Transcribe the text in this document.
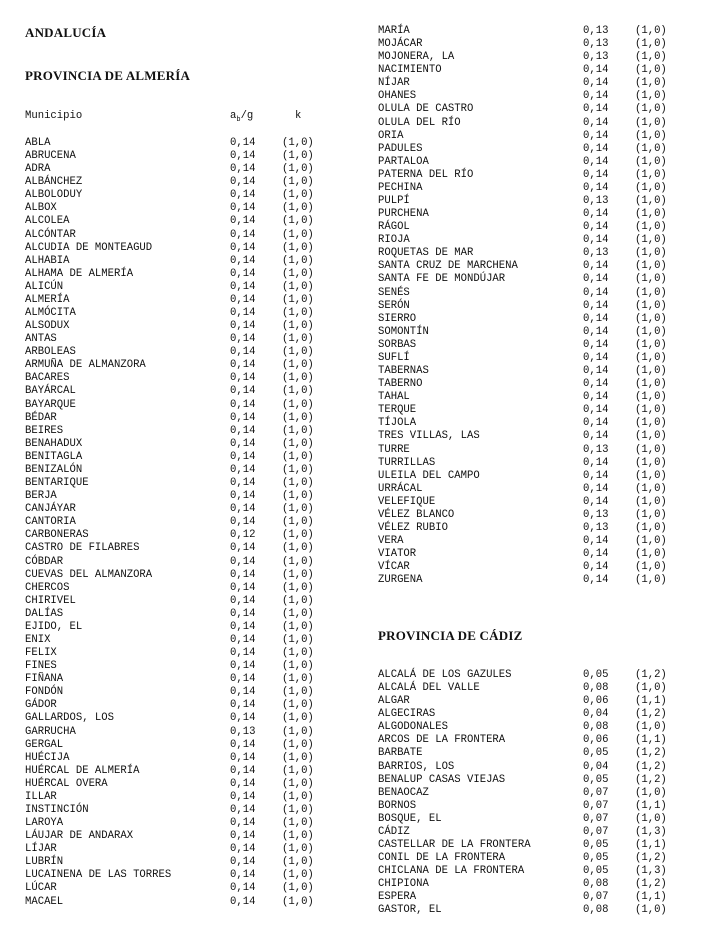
ANDALUCÍA
PROVINCIA DE ALMERÍA
Municipio	$a_b/g$	k
ABLA	0,14	(1,0)
ABRUCENA	0,14	(1,0)
ADRA	0,14	(1,0)
ALBÁNCHEZ	0,14	(1,0)
ALBOLODUY	0,14	(1,0)
ALBOX	0,14	(1,0)
ALCOLEA	0,14	(1,0)
ALCÓNTAR	0,14	(1,0)
ALCUDIA DE MONTEAGUD	0,14	(1,0)
ALHABIA	0,14	(1,0)
ALHAMA DE ALMERÍA	0,14	(1,0)
ALICÚN	0,14	(1,0)
ALMERÍA	0,14	(1,0)
ALMÓCITA	0,14	(1,0)
ALSODUX	0,14	(1,0)
ANTAS	0,14	(1,0)
ARBOLEAS	0,14	(1,0)
ARMUÑA DE ALMANZORA	0,14	(1,0)
BACARES	0,14	(1,0)
BAYÁRCAL	0,14	(1,0)
BAYARQUE	0,14	(1,0)
BÉDAR	0,14	(1,0)
BEIRES	0,14	(1,0)
BENAHADUX	0,14	(1,0)
BENITAGLA	0,14	(1,0)
BENIZALÓN	0,14	(1,0)
BENTARIQUE	0,14	(1,0)
BERJA	0,14	(1,0)
CANJÁYAR	0,14	(1,0)
CANTORIA	0,14	(1,0)
CARBONERAS	0,12	(1,0)
CASTRO DE FILABRES	0,14	(1,0)
CÓBDAR	0,14	(1,0)
CUEVAS DEL ALMANZORA	0,14	(1,0)
CHERCOS	0,14	(1,0)
CHIRIVEL	0,14	(1,0)
DALÍAS	0,14	(1,0)
EJIDO, EL	0,14	(1,0)
ENIX	0,14	(1,0)
FELIX	0,14	(1,0)
FINES	0,14	(1,0)
FIÑANA	0,14	(1,0)
FONDÓN	0,14	(1,0)
GÁDOR	0,14	(1,0)
GALLARDOS, LOS	0,14	(1,0)
GARRUCHA	0,13	(1,0)
GERGAL	0,14	(1,0)
HUÉCIJA	0,14	(1,0)
HUÉRCAL DE ALMERÍA	0,14	(1,0)
HUÉRCAL OVERA	0,14	(1,0)
ILLAR	0,14	(1,0)
INSTINCIÓN	0,14	(1,0)
LAROYA	0,14	(1,0)
LÁUJAR DE ANDARAX	0,14	(1,0)
LÍJAR	0,14	(1,0)
LUBRÍN	0,14	(1,0)
LUCAINENA DE LAS TORRES	0,14	(1,0)
LÚCAR	0,14	(1,0)
MACAEL	0,14	(1,0)
MARÍA	0,13	(1,0)
MOJÁCAR	0,13	(1,0)
MOJONERA, LA	0,13	(1,0)
NACIMIENTO	0,14	(1,0)
NÍJAR	0,14	(1,0)
OHANES	0,14	(1,0)
OLULA DE CASTRO	0,14	(1,0)
OLULA DEL RÍO	0,14	(1,0)
ORIA	0,14	(1,0)
PADULES	0,14	(1,0)
PARTALOA	0,14	(1,0)
PATERNA DEL RÍO	0,14	(1,0)
PECHINA	0,14	(1,0)
PULPÍ	0,13	(1,0)
PURCHENA	0,14	(1,0)
RÁGOL	0,14	(1,0)
RIOJA	0,14	(1,0)
ROQUETAS DE MAR	0,13	(1,0)
SANTA CRUZ DE MARCHENA	0,14	(1,0)
SANTA FE DE MONDÚJAR	0,14	(1,0)
SENÉS	0,14	(1,0)
SERÓN	0,14	(1,0)
SIERRO	0,14	(1,0)
SOMONTÍN	0,14	(1,0)
SORBAS	0,14	(1,0)
SUFLÍ	0,14	(1,0)
TABERNAS	0,14	(1,0)
TABERNO	0,14	(1,0)
TAHAL	0,14	(1,0)
TERQUE	0,14	(1,0)
TÍJOLA	0,14	(1,0)
TRES VILLAS, LAS	0,14	(1,0)
TURRE	0,13	(1,0)
TURRILLAS	0,14	(1,0)
ULEILA DEL CAMPO	0,14	(1,0)
URRÁCAL	0,14	(1,0)
VELEFIQUE	0,14	(1,0)
VÉLEZ BLANCO	0,13	(1,0)
VÉLEZ RUBIO	0,13	(1,0)
VERA	0,14	(1,0)
VIATOR	0,14	(1,0)
VÍCAR	0,14	(1,0)
ZURGENA	0,14	(1,0)
PROVINCIA DE CÁDIZ
ALCALÁ DE LOS GAZULES	0,05	(1,2)
ALCALÁ DEL VALLE	0,08	(1,0)
ALGAR	0,06	(1,1)
ALGECIRAS	0,04	(1,2)
ALGODONALES	0,08	(1,0)
ARCOS DE LA FRONTERA	0,06	(1,1)
BARBATE	0,05	(1,2)
BARRIOS, LOS	0,04	(1,2)
BENALUP CASAS VIEJAS	0,05	(1,2)
BENAOCAZ	0,07	(1,0)
BORNOS	0,07	(1,1)
BOSQUE, EL	0,07	(1,0)
CÁDIZ	0,07	(1,3)
CASTELLAR DE LA FRONTERA	0,05	(1,1)
CONIL DE LA FRONTERA	0,05	(1,2)
CHICLANA DE LA FRONTERA	0,05	(1,3)
CHIPIONA	0,08	(1,2)
ESPERA	0,07	(1,1)
GASTOR, EL	0,08	(1,0)
